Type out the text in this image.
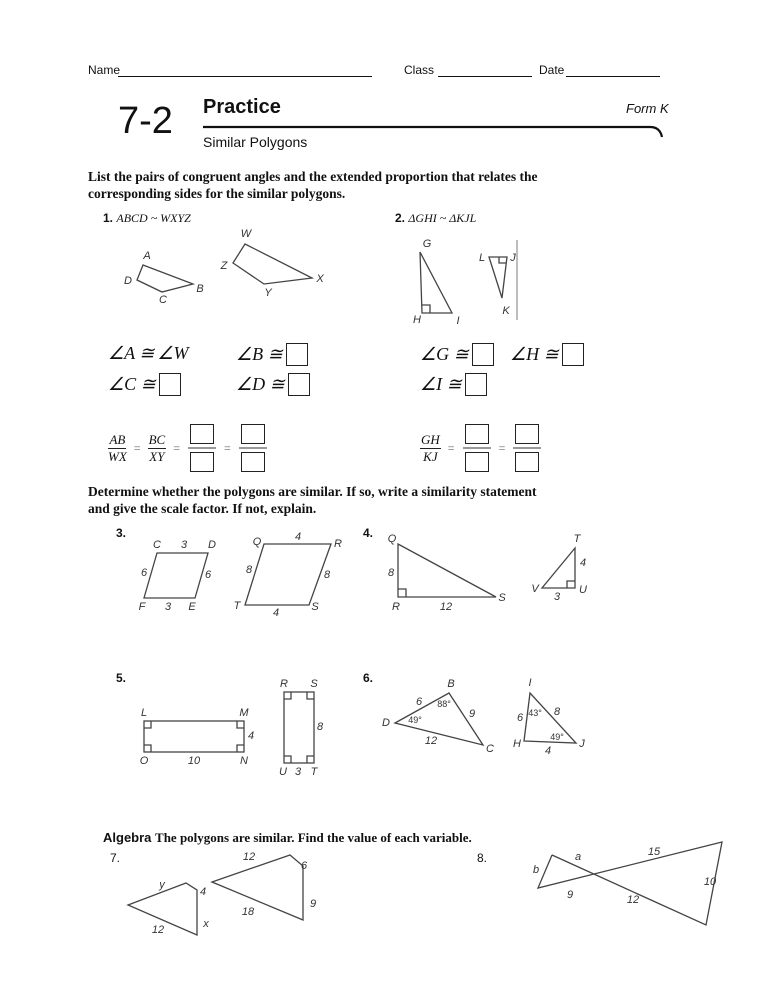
Name	Class	Date
7-2 Practice	Form K
Similar Polygons
List the pairs of congruent angles and the extended proportion that relates the
corresponding sides for the similar polygons.
1. ABCD ~ WXYZ	2. ΔGHI ~ ΔKJL
∠A ≅ ∠W	∠B ≅	∠G ≅ ∠H ≅
∠C ≅	∠D ≅	∠I ≅
$\frac{AB}{WX} = \frac{BC}{XY}$ =	=	$\frac{GH}{KJ}$ =	=
Determine whether the polygons are similar. If so, write a similarity statement
and give the scale factor. If not, explain.
3.	4.
5.	6.
Algebra The polygons are similar. Find the value of each variable.
7.	8.
A
D
B
C
W
Z
X
Y
G
H	I
L J
K
C 3 D
6	6
F 3 E
Q	4
R
8	8
T
4	S
Q
8
R	12
S
T
4
V	U
3
L	M
4
O	10	N
R S
8
U 3 T
B
6 88°
9
D 49°
12
C
I
6 43° 8
49°
H
4
J
12
6
9
18
y
4
x
12
a
b
9
15
10
12
